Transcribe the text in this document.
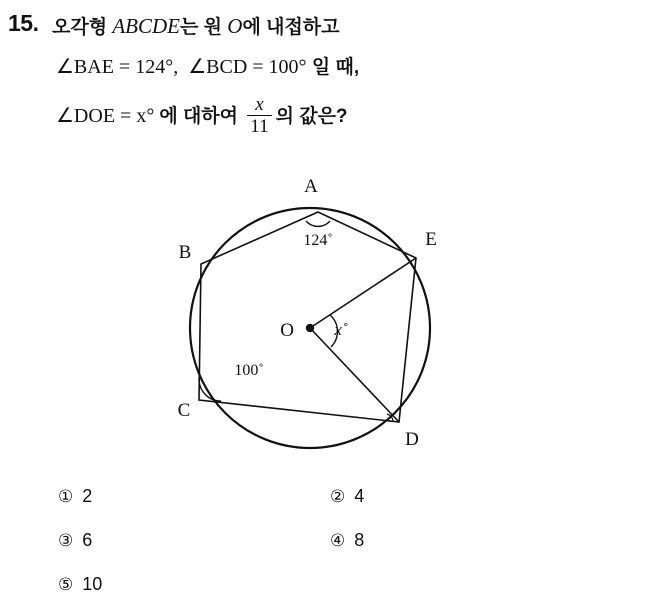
15. 오각형 ABCDE는 원 O에 내접하고
∠BAE = 124°, ∠BCD = 100° 일 때,
∠DOE = x° 에 대하여 $\frac{x}{11}$ 의 값은?
A
B
C
D
E
O
124˚
100˚
x˚
① 2	② 4
③ 6	④ 8
⑤ 10
